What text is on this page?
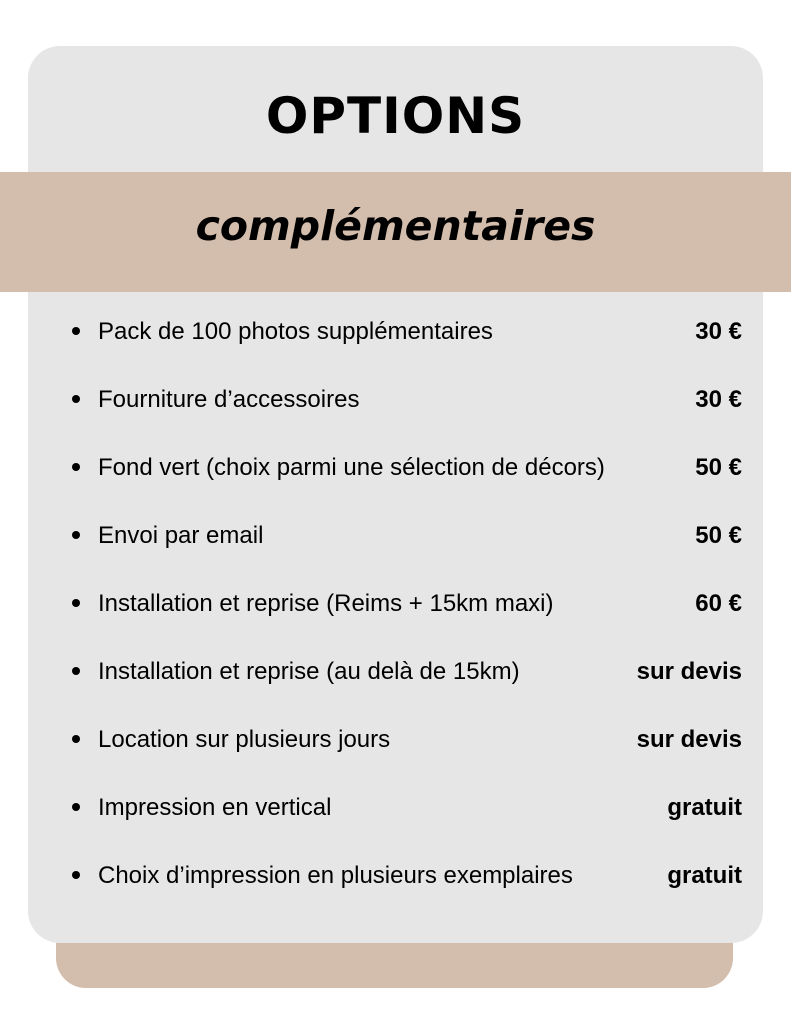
OPTIONS
complémentaires
Pack de 100 photos supplémentaires	30 €
Fourniture d’accessoires	30 €
Fond vert (choix parmi une sélection de décors)	50 €
Envoi par email	50 €
Installation et reprise (Reims + 15km maxi)	60 €
Installation et reprise (au delà de 15km)	sur devis
Location sur plusieurs jours	sur devis
Impression en vertical	gratuit
Choix d’impression en plusieurs exemplaires	gratuit
